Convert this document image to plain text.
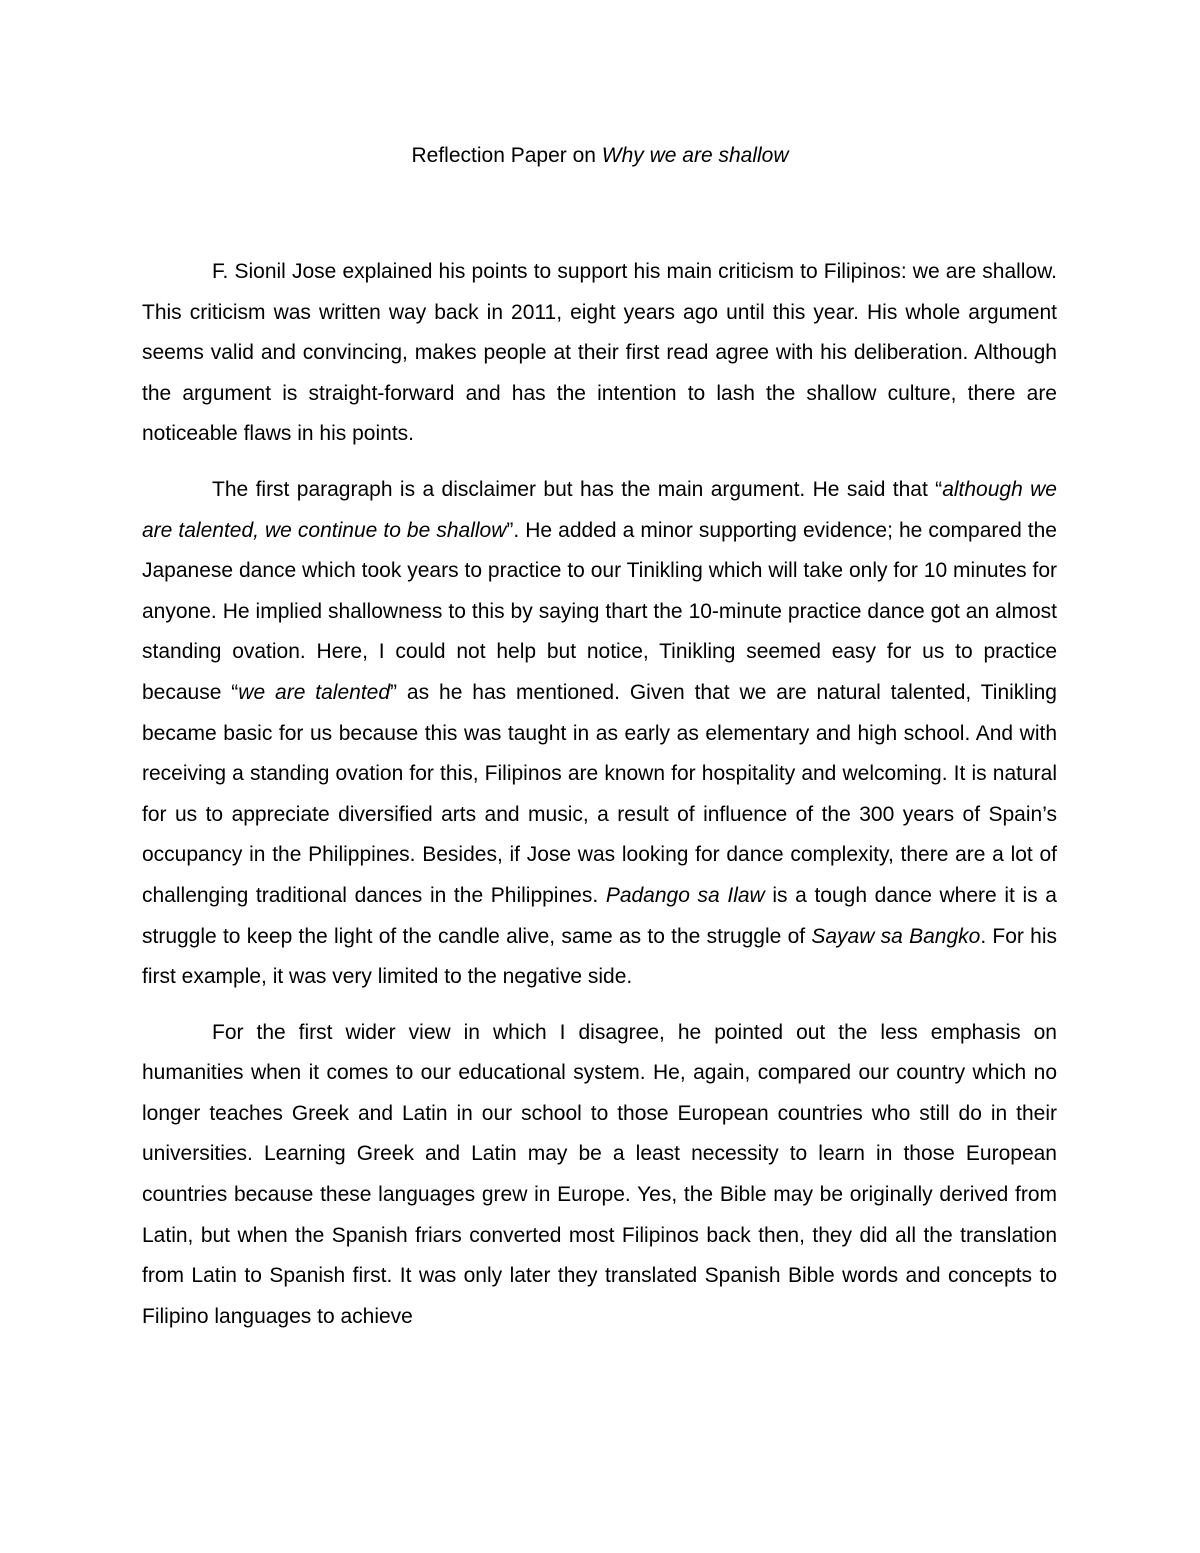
Reflection Paper on Why we are shallow

F. Sionil Jose explained his points to support his main criticism to Filipinos: we are shallow. This criticism was written way back in 2011, eight years ago until this year. His whole argument seems valid and convincing, makes people at their first read agree with his deliberation. Although the argument is straight-forward and has the intention to lash the shallow culture, there are noticeable flaws in his points.

The first paragraph is a disclaimer but has the main argument. He said that “although we are talented, we continue to be shallow”. He added a minor supporting evidence; he compared the Japanese dance which took years to practice to our Tinikling which will take only for 10 minutes for anyone. He implied shallowness to this by saying thart the 10-minute practice dance got an almost standing ovation. Here, I could not help but notice, Tinikling seemed easy for us to practice because “we are talented” as he has mentioned. Given that we are natural talented, Tinikling became basic for us because this was taught in as early as elementary and high school. And with receiving a standing ovation for this, Filipinos are known for hospitality and welcoming. It is natural for us to appreciate diversified arts and music, a result of influence of the 300 years of Spain’s occupancy in the Philippines. Besides, if Jose was looking for dance complexity, there are a lot of challenging traditional dances in the Philippines. Padango sa Ilaw is a tough dance where it is a struggle to keep the light of the candle alive, same as to the struggle of Sayaw sa Bangko. For his first example, it was very limited to the negative side.

For the first wider view in which I disagree, he pointed out the less emphasis on humanities when it comes to our educational system. He, again, compared our country which no longer teaches Greek and Latin in our school to those European countries who still do in their universities. Learning Greek and Latin may be a least necessity to learn in those European countries because these languages grew in Europe. Yes, the Bible may be originally derived from Latin, but when the Spanish friars converted most Filipinos back then, they did all the translation from Latin to Spanish first. It was only later they translated Spanish Bible words and concepts to Filipino languages to achieve
